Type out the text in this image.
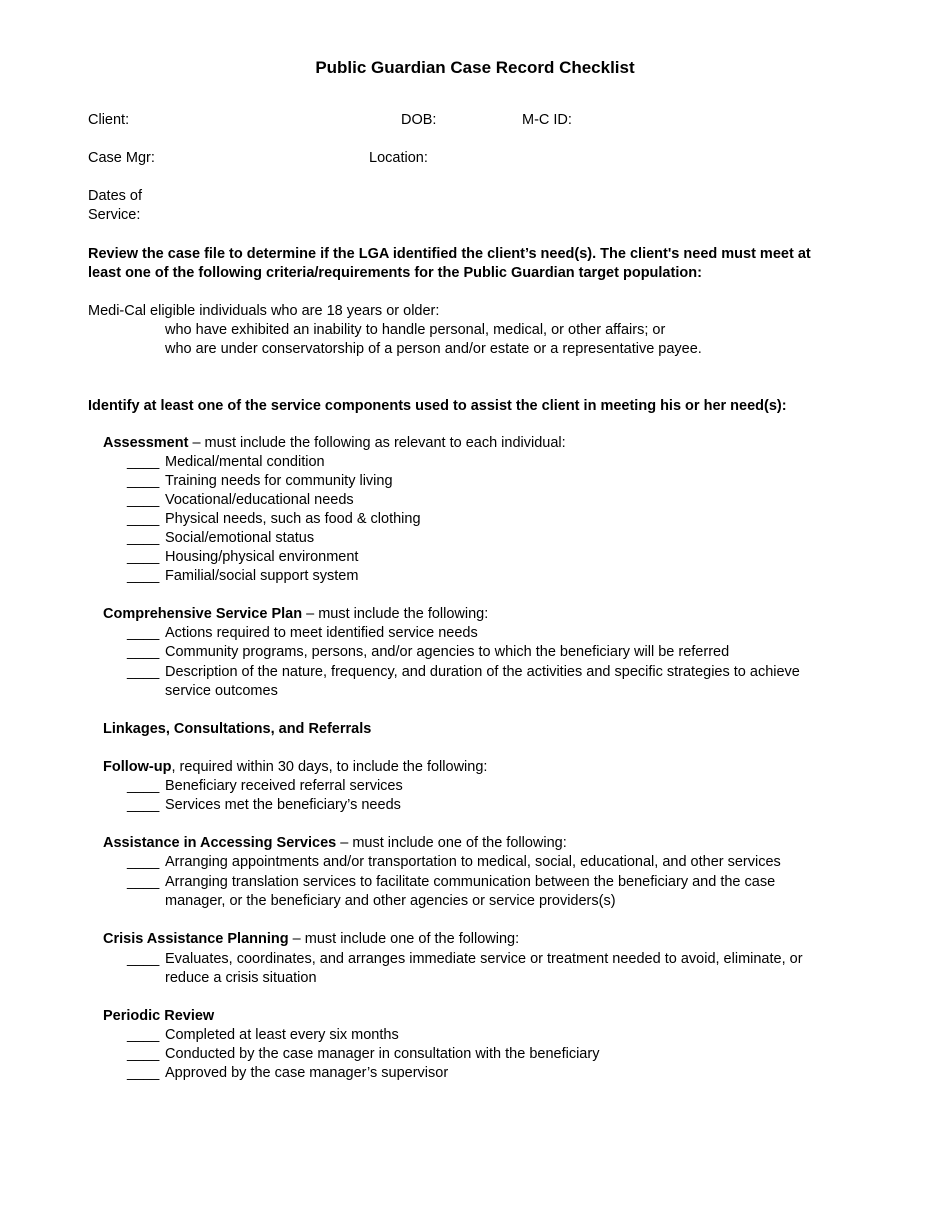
Public Guardian Case Record Checklist
Client:	DOB:	M-C ID:
Case Mgr:	Location:
Dates of
Service:
Review the case file to determine if the LGA identified the client’s need(s). The client's need must meet at
least one of the following criteria/requirements for the Public Guardian target population:
Medi-Cal eligible individuals who are 18 years or older:
who have exhibited an inability to handle personal, medical, or other affairs; or
who are under conservatorship of a person and/or estate or a representative payee.
Identify at least one of the service components used to assist the client in meeting his or her need(s):
Assessment – must include the following as relevant to each individual:
____ Medical/mental condition
____ Training needs for community living
____ Vocational/educational needs
____ Physical needs, such as food & clothing
____ Social/emotional status
____ Housing/physical environment
____ Familial/social support system
Comprehensive Service Plan – must include the following:
____ Actions required to meet identified service needs
____ Community programs, persons, and/or agencies to which the beneficiary will be referred
____ Description of the nature, frequency, and duration of the activities and specific strategies to achieve
service outcomes
Linkages, Consultations, and Referrals
Follow-up, required within 30 days, to include the following:
____ Beneficiary received referral services
____ Services met the beneficiary’s needs
Assistance in Accessing Services – must include one of the following:
____ Arranging appointments and/or transportation to medical, social, educational, and other services
____ Arranging translation services to facilitate communication between the beneficiary and the case
manager, or the beneficiary and other agencies or service providers(s)
Crisis Assistance Planning – must include one of the following:
____ Evaluates, coordinates, and arranges immediate service or treatment needed to avoid, eliminate, or
reduce a crisis situation
Periodic Review
____ Completed at least every six months
____ Conducted by the case manager in consultation with the beneficiary
____ Approved by the case manager’s supervisor
